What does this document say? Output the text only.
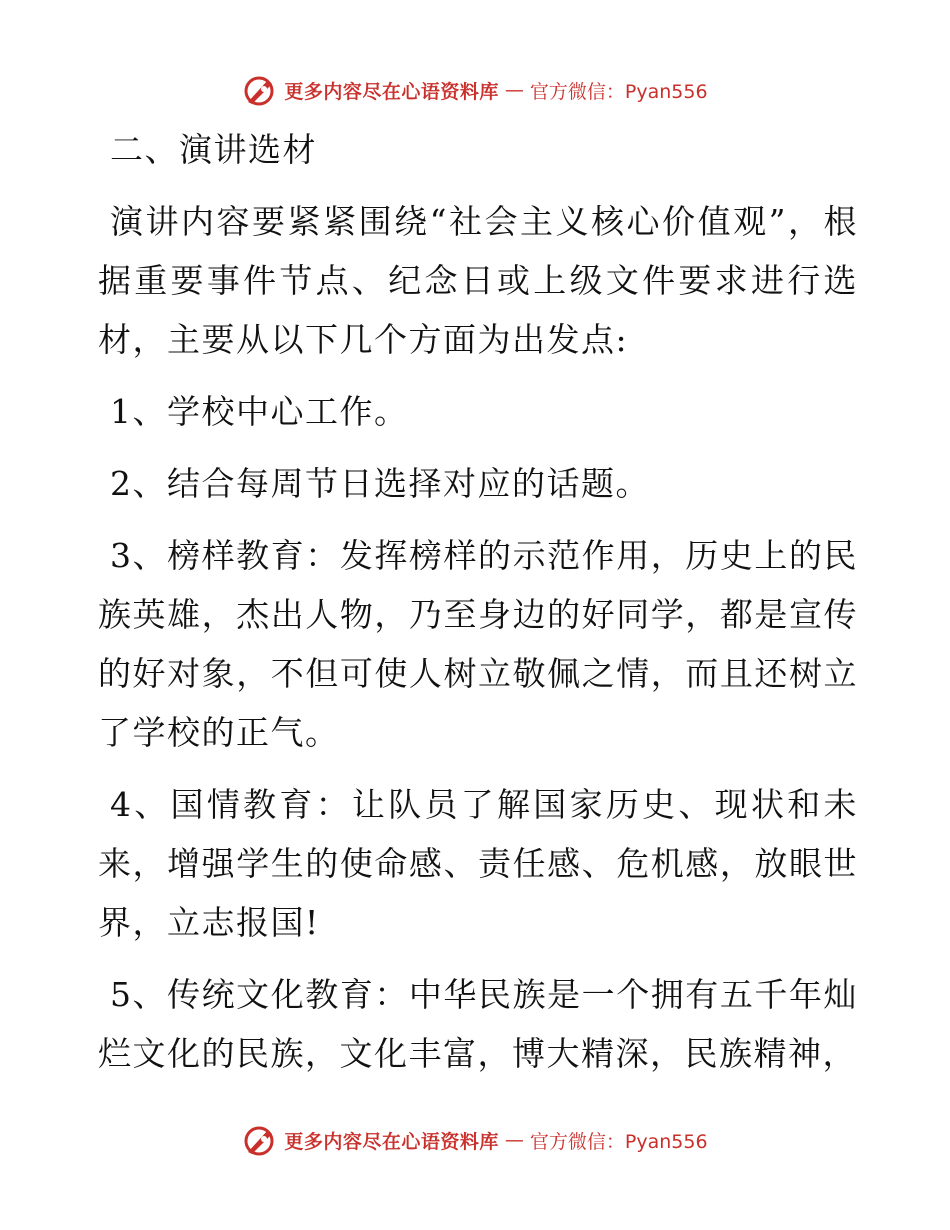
更多内容尽在心语资料库 — 官方微信：Pyan556

二、演讲选材

演讲内容要紧紧围绕“社会主义核心价值观”，根据重要事件节点、纪念日或上级文件要求进行选材，主要从以下几个方面为出发点:

1、学校中心工作。

2、结合每周节日选择对应的话题。

3、榜样教育：发挥榜样的示范作用，历史上的民族英雄，杰出人物，乃至身边的好同学，都是宣传的好对象，不但可使人树立敬佩之情，而且还树立了学校的正气。

4、国情教育：让队员了解国家历史、现状和未来，增强学生的使命感、责任感、危机感，放眼世界，立志报国!

5、传统文化教育：中华民族是一个拥有五千年灿烂文化的民族，文化丰富，博大精深，民族精神，

更多内容尽在心语资料库 — 官方微信：Pyan556
